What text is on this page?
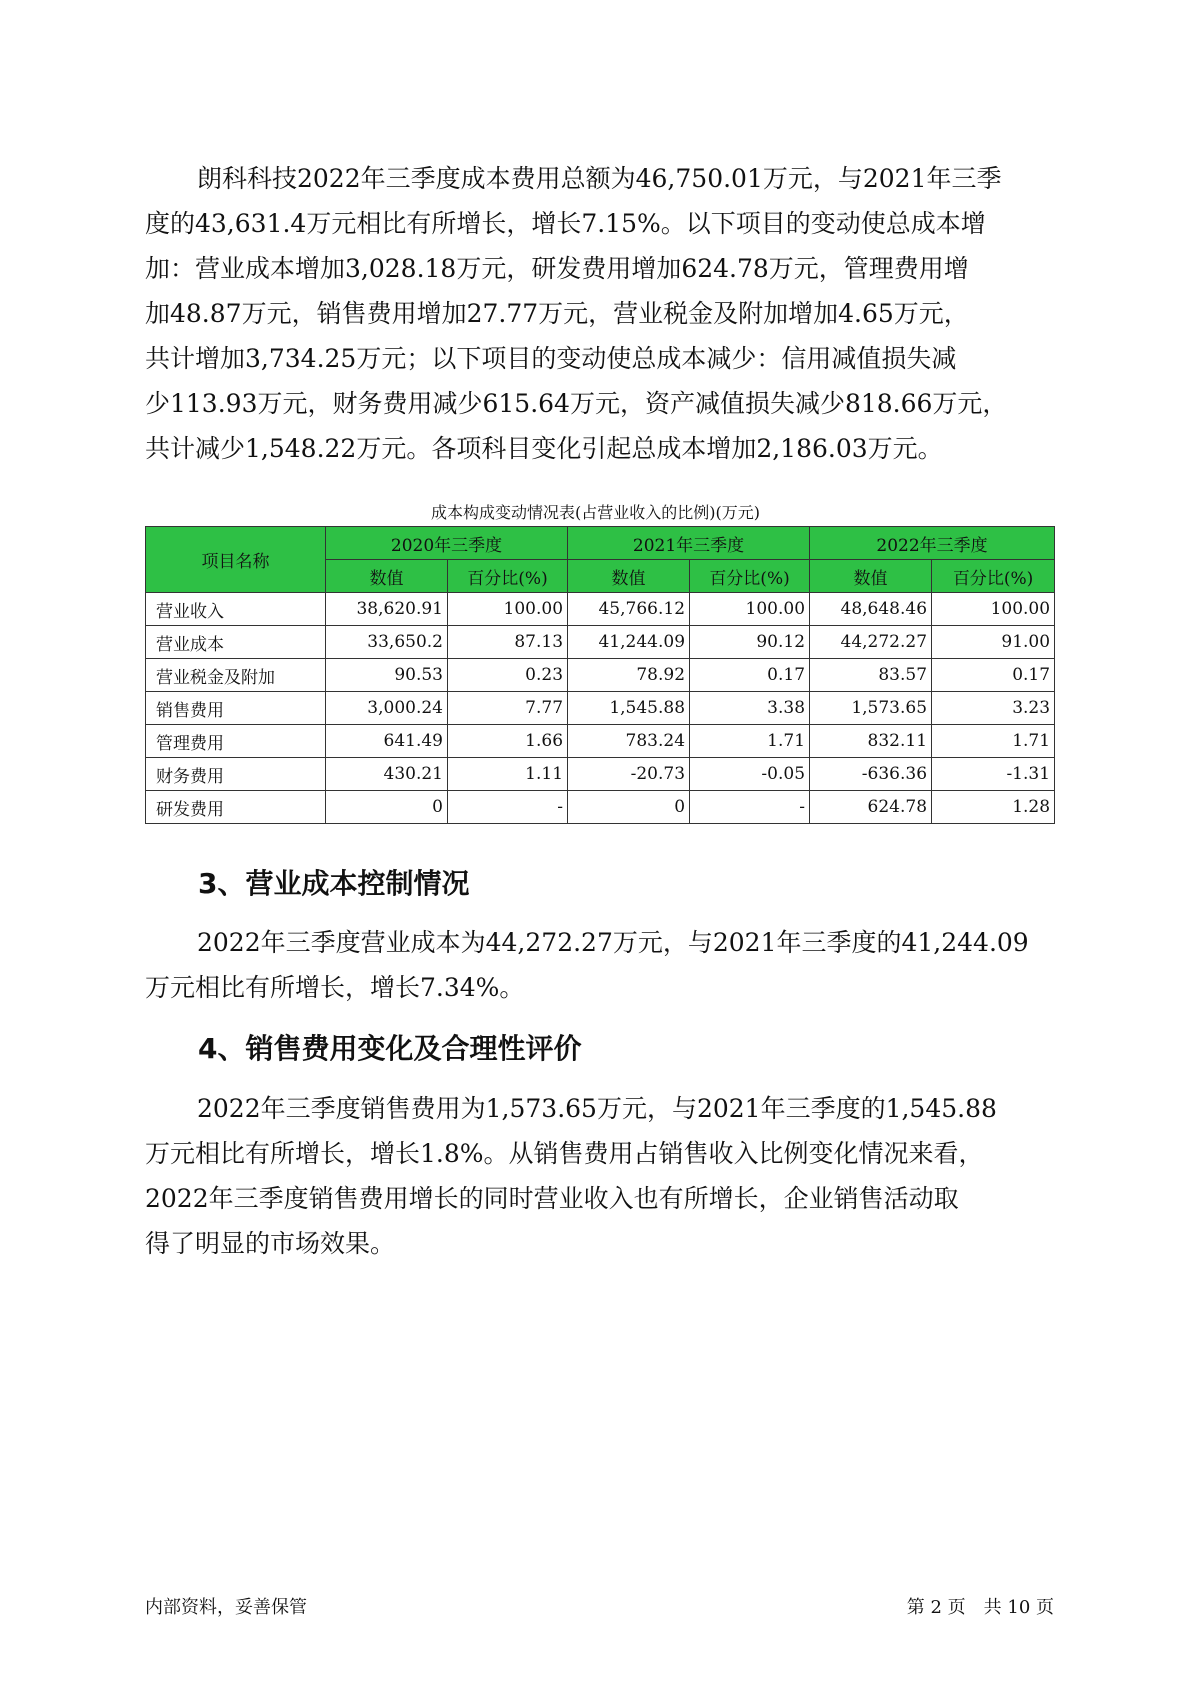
朗科科技2022年三季度成本费用总额为46,750.01万元，与2021年三季
度的43,631.4万元相比有所增长，增长7.15%。以下项目的变动使总成本增
加：营业成本增加3,028.18万元，研发费用增加624.78万元，管理费用增
加48.87万元，销售费用增加27.77万元，营业税金及附加增加4.65万元，
共计增加3,734.25万元；以下项目的变动使总成本减少：信用减值损失减
少113.93万元，财务费用减少615.64万元，资产减值损失减少818.66万元，
共计减少1,548.22万元。各项科目变化引起总成本增加2,186.03万元。

成本构成变动情况表(占营业收入的比例)(万元)

项目名称	2020年三季度		2021年三季度		2022年三季度	
	数值	百分比(%)	数值	百分比(%)	数值	百分比(%)
营业收入	38,620.91	100.00	45,766.12	100.00	48,648.46	100.00
营业成本	33,650.2	87.13	41,244.09	90.12	44,272.27	91.00
营业税金及附加	90.53	0.23	78.92	0.17	83.57	0.17
销售费用	3,000.24	7.77	1,545.88	3.38	1,573.65	3.23
管理费用	641.49	1.66	783.24	1.71	832.11	1.71
财务费用	430.21	1.11	-20.73	-0.05	-636.36	-1.31
研发费用	0	-	0	-	624.78	1.28
3、营业成本控制情况
2022年三季度营业成本为44,272.27万元，与2021年三季度的41,244.09
万元相比有所增长，增长7.34%。
4、销售费用变化及合理性评价
2022年三季度销售费用为1,573.65万元，与2021年三季度的1,545.88
万元相比有所增长，增长1.8%。从销售费用占销售收入比例变化情况来看，
2022年三季度销售费用增长的同时营业收入也有所增长，企业销售活动取
得了明显的市场效果。

内部资料，妥善保管	第 2 页　共 10 页
